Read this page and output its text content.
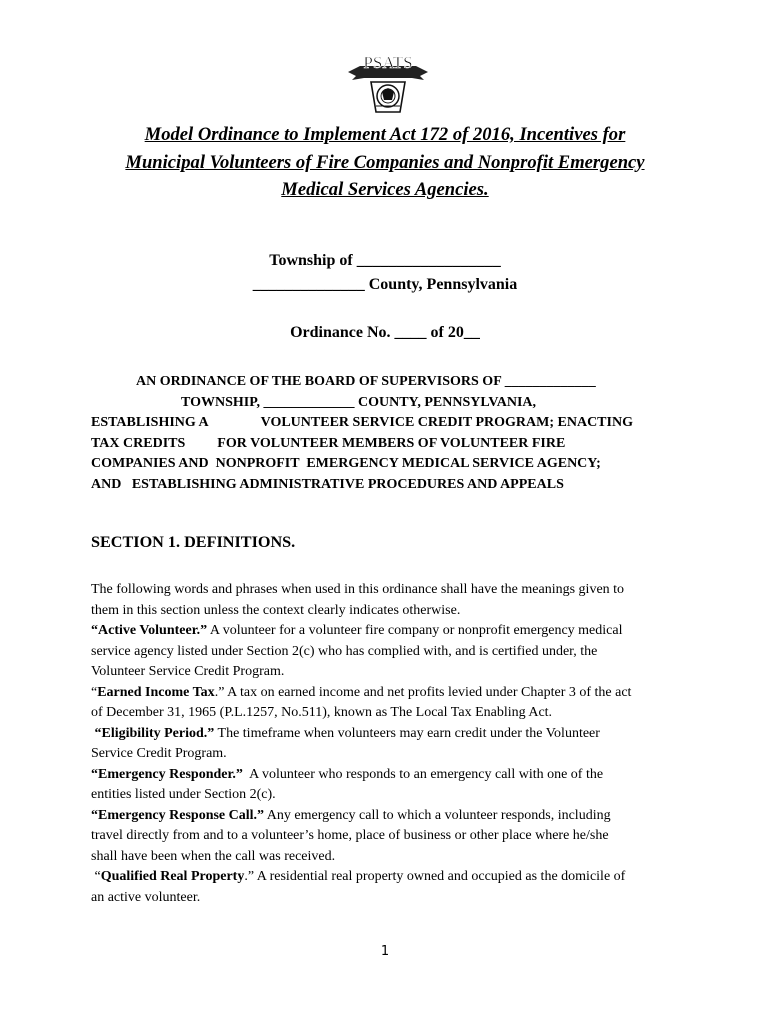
PSATS
Model Ordinance to Implement Act 172 of 2016, Incentives for
Municipal Volunteers of Fire Companies and Nonprofit Emergency
Medical Services Agencies.
Township of __________________
______________ County, Pennsylvania
Ordinance No. ____ of 20__
AN ORDINANCE OF THE BOARD OF SUPERVISORS OF _____________
TOWNSHIP, _____________ COUNTY, PENNSYLVANIA,
ESTABLISHING A	VOLUNTEER SERVICE CREDIT PROGRAM; ENACTING
TAX CREDITS FOR VOLUNTEER MEMBERS OF VOLUNTEER FIRE
COMPANIES AND  NONPROFIT  EMERGENCY MEDICAL SERVICE AGENCY;
AND   ESTABLISHING ADMINISTRATIVE PROCEDURES AND APPEALS
SECTION 1. DEFINITIONS.
The following words and phrases when used in this ordinance shall have the meanings given to
them in this section unless the context clearly indicates otherwise.
“Active Volunteer.” A volunteer for a volunteer fire company or nonprofit emergency medical
service agency listed under Section 2(c) who has complied with, and is certified under, the
Volunteer Service Credit Program.
“Earned Income Tax.” A tax on earned income and net profits levied under Chapter 3 of the act
of December 31, 1965 (P.L.1257, No.511), known as The Local Tax Enabling Act.
“Eligibility Period.” The timeframe when volunteers may earn credit under the Volunteer
Service Credit Program.
“Emergency Responder.”  A volunteer who responds to an emergency call with one of the
entities listed under Section 2(c).
“Emergency Response Call.” Any emergency call to which a volunteer responds, including
travel directly from and to a volunteer’s home, place of business or other place where he/she
shall have been when the call was received.
“Qualified Real Property.” A residential real property owned and occupied as the domicile of
an active volunteer.
1
